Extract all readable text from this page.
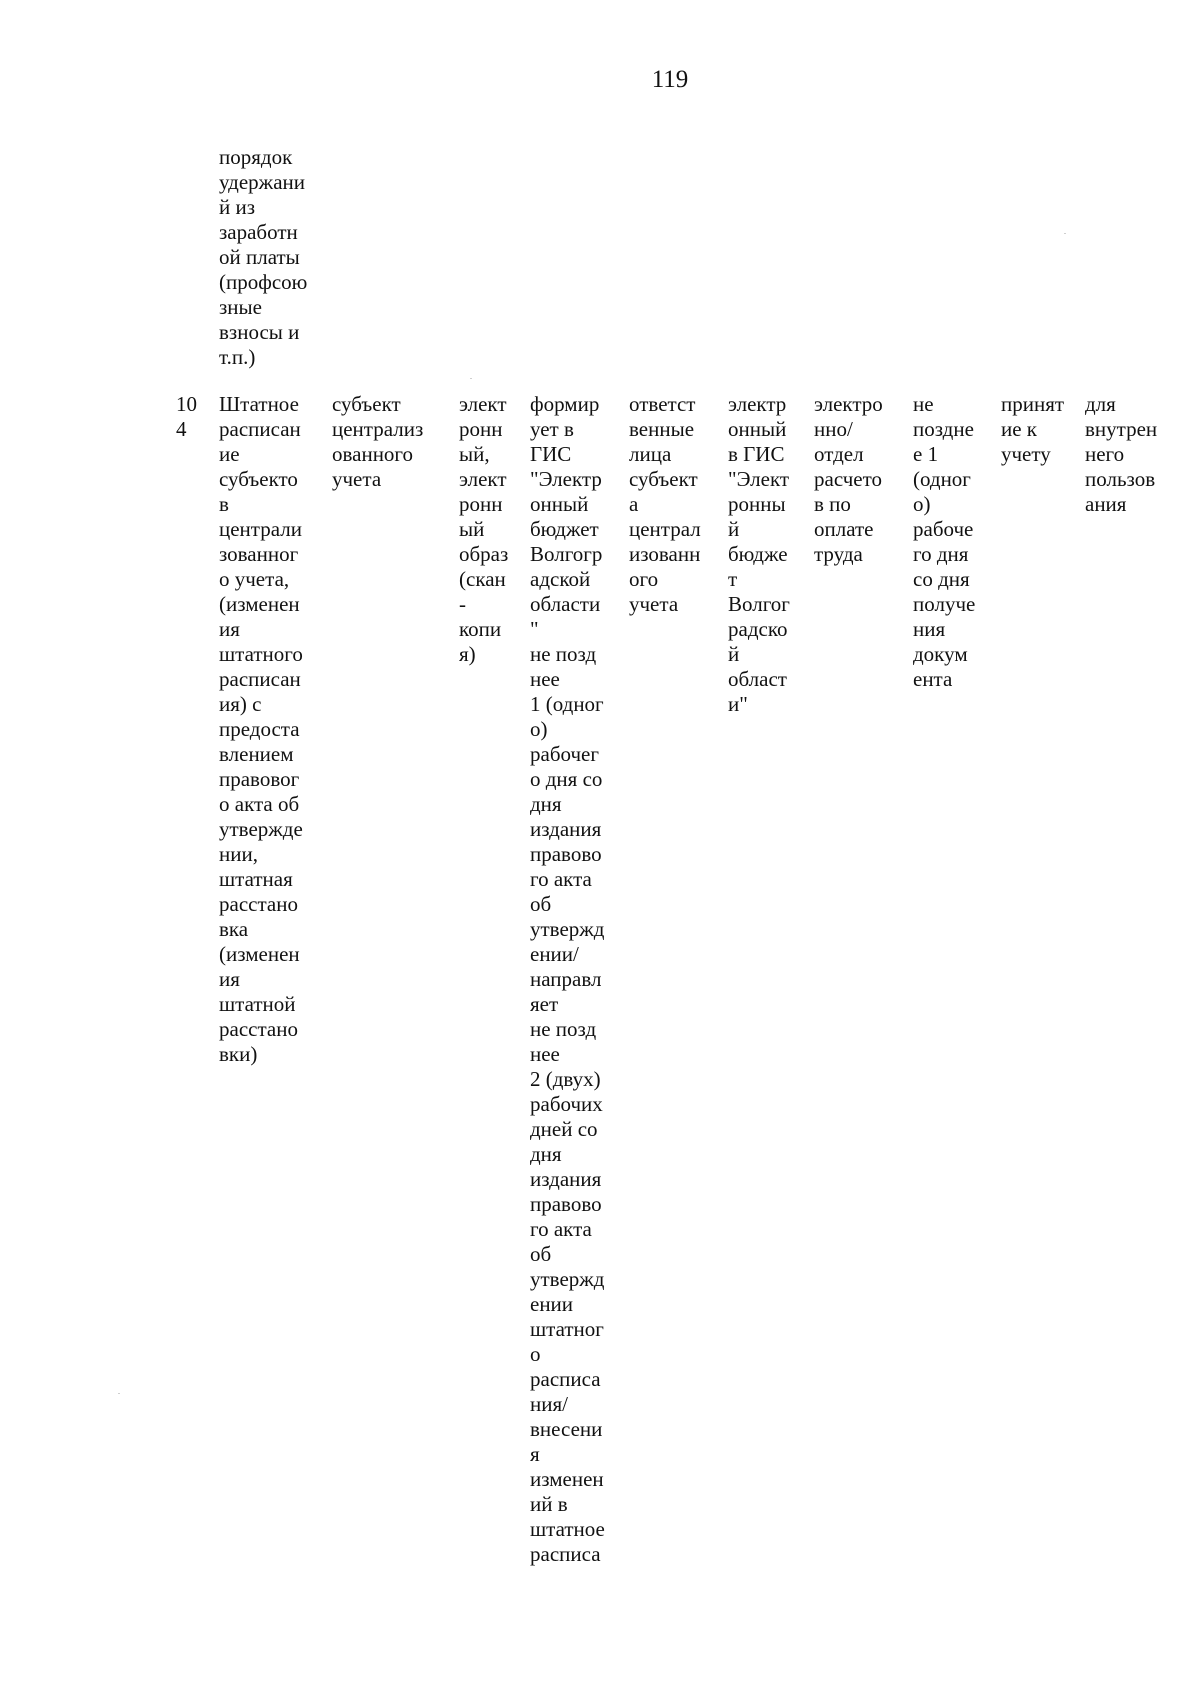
119
порядок
удержани
й из
заработн
ой платы
(профсою
зные
взносы и
т.п.)
10
4
Штатное
расписан
ие
субъекто
в
централи
зованног
о учета,
(изменен
ия
штатного
расписан
ия) с
предоста
влением
правовог
о акта об
утвержде
нии,
штатная
расстано
вка
(изменен
ия
штатной
расстано
вки)
субъект
централиз
ованного
учета
элект
ронн
ый,
элект
ронн
ый
образ
(скан
-
копи
я)
формир
ует в
ГИС
"Электр
онный
бюджет
Волгогр
адской
области
"
не позд
нее
1 (одног
о)
рабочег
о дня со
дня
издания
правово
го акта
об
утвержд
ении/
направл
яет
не позд
нее
2 (двух)
рабочих
дней со
дня
издания
правово
го акта
об
утвержд
ении
штатног
о
расписа
ния/
внесени
я
изменен
ий в
штатное
расписа
ответст
венные
лица
субъект
а
централ
изованн
ого
учета
электр
онный
в ГИС
"Элект
ронны
й
бюдже
т
Волгог
радско
й
област
и"
электро
нно/
отдел
расчето
в по
оплате
труда
не
поздне
е 1
(одног
о)
рабоче
го дня
со дня
получе
ния
докум
ента
принят
ие к
учету
для
внутрен
него
пользов
ания
